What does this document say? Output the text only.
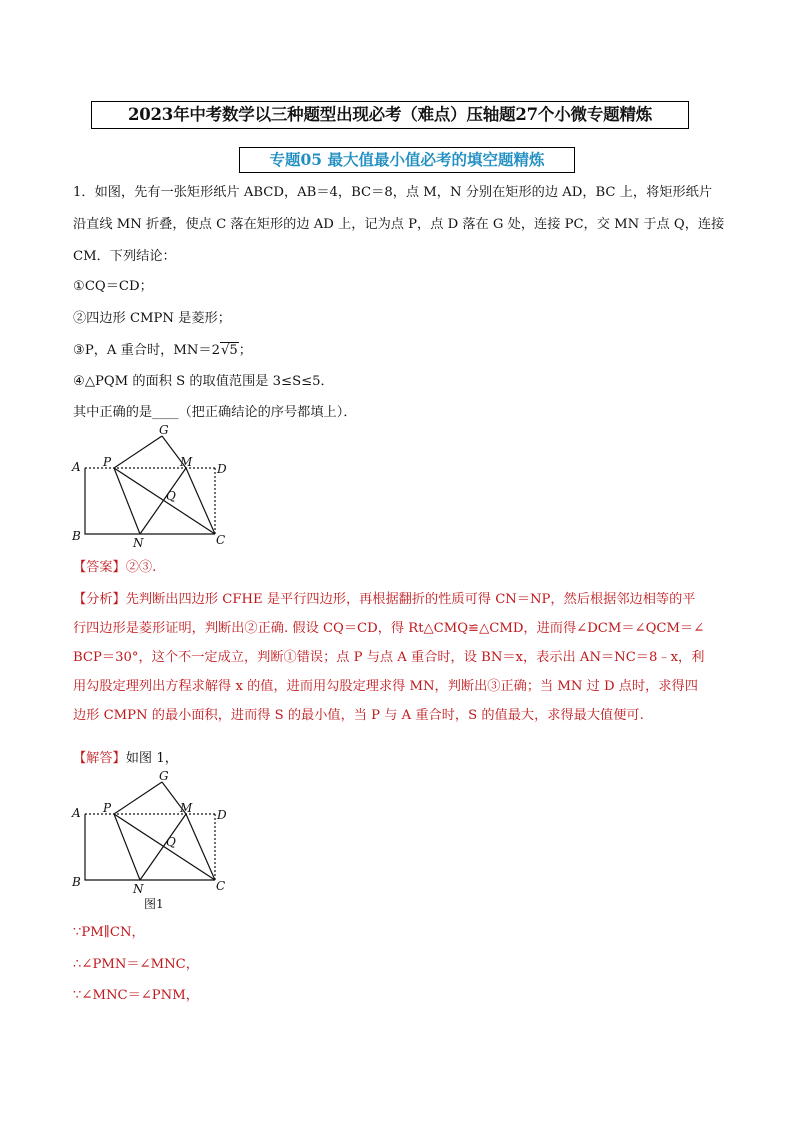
2023年中考数学以三种题型出现必考（难点）压轴题27个小微专题精炼
专题05 最大值最小值必考的填空题精炼
1．如图，先有一张矩形纸片 ABCD，AB＝4，BC＝8，点 M，N 分别在矩形的边 AD，BC 上，将矩形纸片
沿直线 MN 折叠，使点 C 落在矩形的边 AD 上，记为点 P，点 D 落在 G 处，连接 PC，交 MN 于点 Q，连接
CM．下列结论：
①CQ＝CD；
②四边形 CMPN 是菱形；
③P，A 重合时，MN＝2√5；
④△PQM 的面积 S 的取值范围是 3≤S≤5．
其中正确的是____（把正确结论的序号都填上）．
A
B	C
D
G
M
N
P
Q
【答案】②③.
【分析】先判断出四边形 CFHE 是平行四边形，再根据翻折的性质可得 CN＝NP，然后根据邻边相等的平
行四边形是菱形证明，判断出②正确. 假设 CQ＝CD，得 Rt△CMQ≌△CMD，进而得∠DCM＝∠QCM＝∠
BCP＝30°，这个不一定成立，判断①错误；点 P 与点 A 重合时，设 BN＝x，表示出 AN＝NC＝8﹣x，利
用勾股定理列出方程求解得 x 的值，进而用勾股定理求得 MN，判断出③正确；当 MN 过 D 点时，求得四
边形 CMPN 的最小面积，进而得 S 的最小值，当 P 与 A 重合时，S 的值最大，求得最大值便可.
【解答】如图 1，
A
B	C
D
G
M
N
P
Q
图1
∵PM∥CN，
∴∠PMN＝∠MNC，
∵∠MNC＝∠PNM，
